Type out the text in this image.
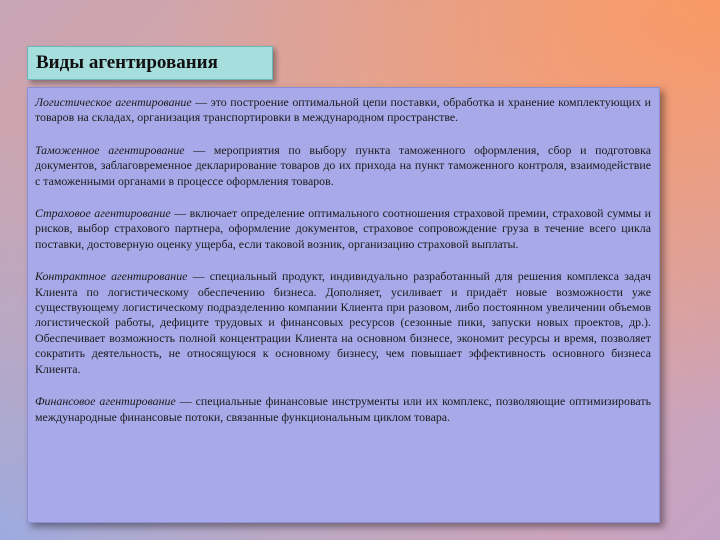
Виды агентирования

Логистическое агентирование — это построение оптимальной цепи поставки, обработка и хранение комплектующих и товаров на складах, организация транспортировки в международном пространстве.

Таможенное агентирование — мероприятия по выбору пункта таможенного оформления, сбор и подготовка документов, заблаговременное декларирование товаров до их прихода на пункт таможенного контроля, взаимодействие с таможенными органами в процессе оформления товаров.

Страховое агентирование — включает определение оптимального соотношения страховой премии, страховой суммы и рисков, выбор страхового партнера, оформление документов, страховое сопровождение груза в течение всего цикла поставки, достоверную оценку ущерба, если таковой возник, организацию страховой выплаты.

Контрактное агентирование — специальный продукт, индивидуально разработанный для решения комплекса задач Клиента по логистическому обеспечению бизнеса. Дополняет, усиливает и придаёт новые возможности уже существующему логистическому подразделению компании Клиента при разовом, либо постоянном увеличении объемов логистической работы, дефиците трудовых и финансовых ресурсов (сезонные пики, запуски новых проектов, др.). Обеспечивает возможность полной концентрации Клиента на основном бизнесе, экономит ресурсы и время, позволяет сократить деятельность, не относящуюся к основному бизнесу, чем повышает эффективность основного бизнеса Клиента.

Финансовое агентирование — специальные финансовые инструменты или их комплекс, позволяющие оптимизировать международные финансовые потоки, связанные функциональным циклом товара.
